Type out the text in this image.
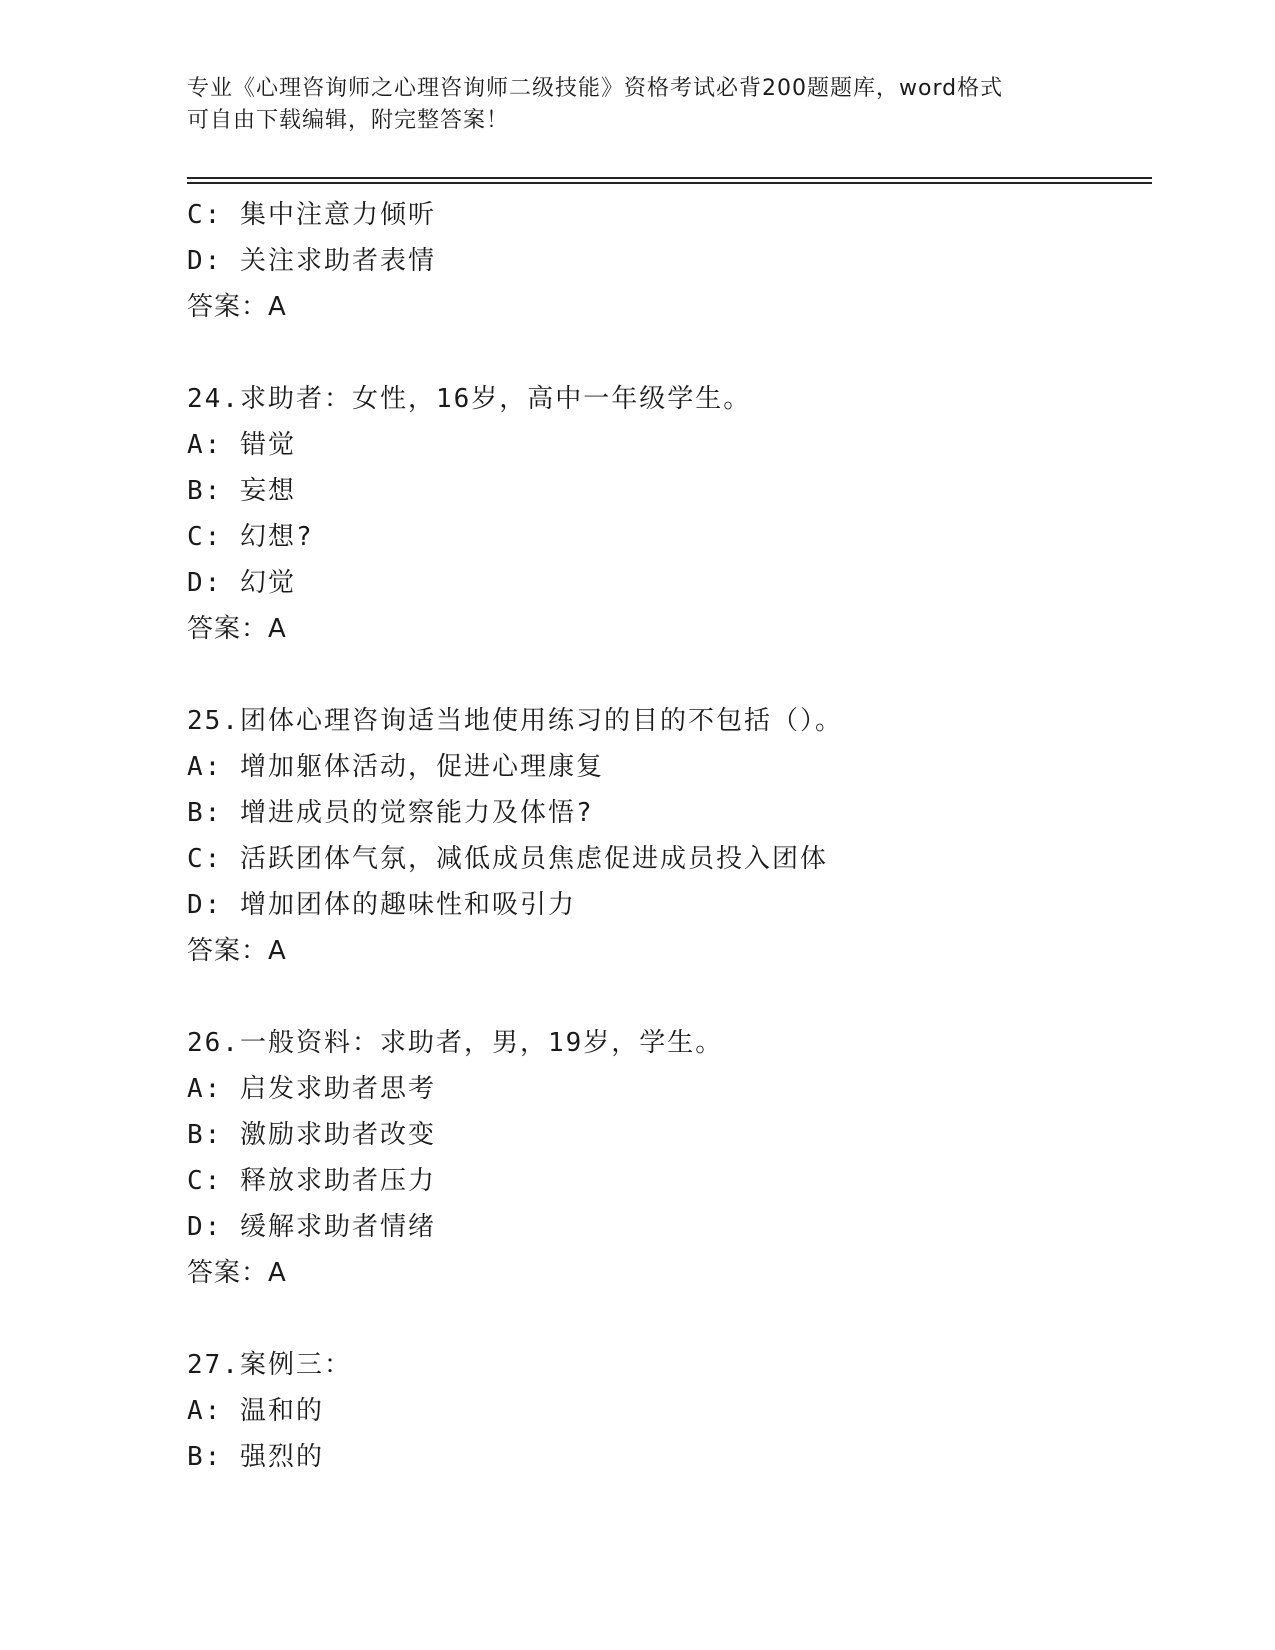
专业《心理咨询师之心理咨询师二级技能》资格考试必背200题题库，word格式
可自由下载编辑，附完整答案！
C: 集中注意力倾听
D: 关注求助者表情
答案：A
24.求助者：女性，16岁，高中一年级学生。
A: 错觉
B: 妄想
C: 幻想?
D: 幻觉
答案：A
25.团体心理咨询适当地使用练习的目的不包括（）。
A: 增加躯体活动，促进心理康复
B: 增进成员的觉察能力及体悟?
C: 活跃团体气氛，减低成员焦虑促进成员投入团体
D: 增加团体的趣味性和吸引力
答案：A
26.一般资料：求助者，男，19岁，学生。
A: 启发求助者思考
B: 激励求助者改变
C: 释放求助者压力
D: 缓解求助者情绪
答案：A
27.案例三：
A: 温和的
B: 强烈的
